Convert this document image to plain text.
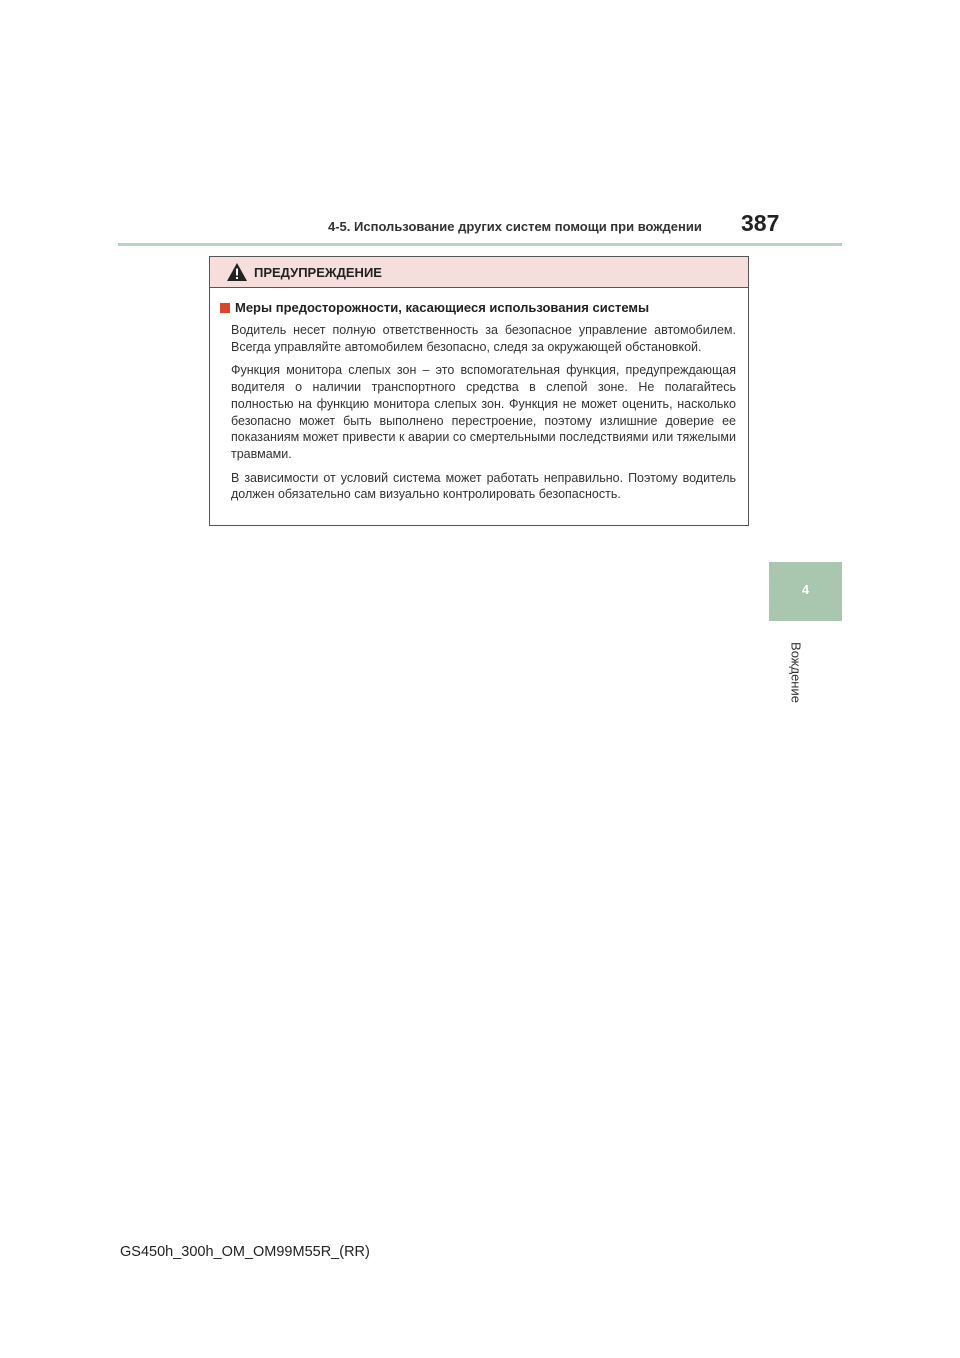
4-5. Использование других систем помощи при вождении 387
4
Вождение
ПРЕДУПРЕЖДЕНИЕ
Меры предосторожности, касающиеся использования системы

Водитель несет полную ответственность за безопасное управление автомобилем. Всегда управляйте автомобилем безопасно, следя за окружающей обстановкой.

Функция монитора слепых зон – это вспомогательная функция, предупреждающая водителя о наличии транспортного средства в слепой зоне. Не полагайтесь полностью на функцию монитора слепых зон. Функция не может оценить, насколько безопасно может быть выполнено перестроение, поэтому излишние доверие ее показаниям может привести к аварии со смертельными последствиями или тяжелыми травмами.

В зависимости от условий система может работать неправильно. Поэтому водитель должен обязательно сам визуально контролировать безопасность.

GS450h_300h_OM_OM99M55R_(RR)
